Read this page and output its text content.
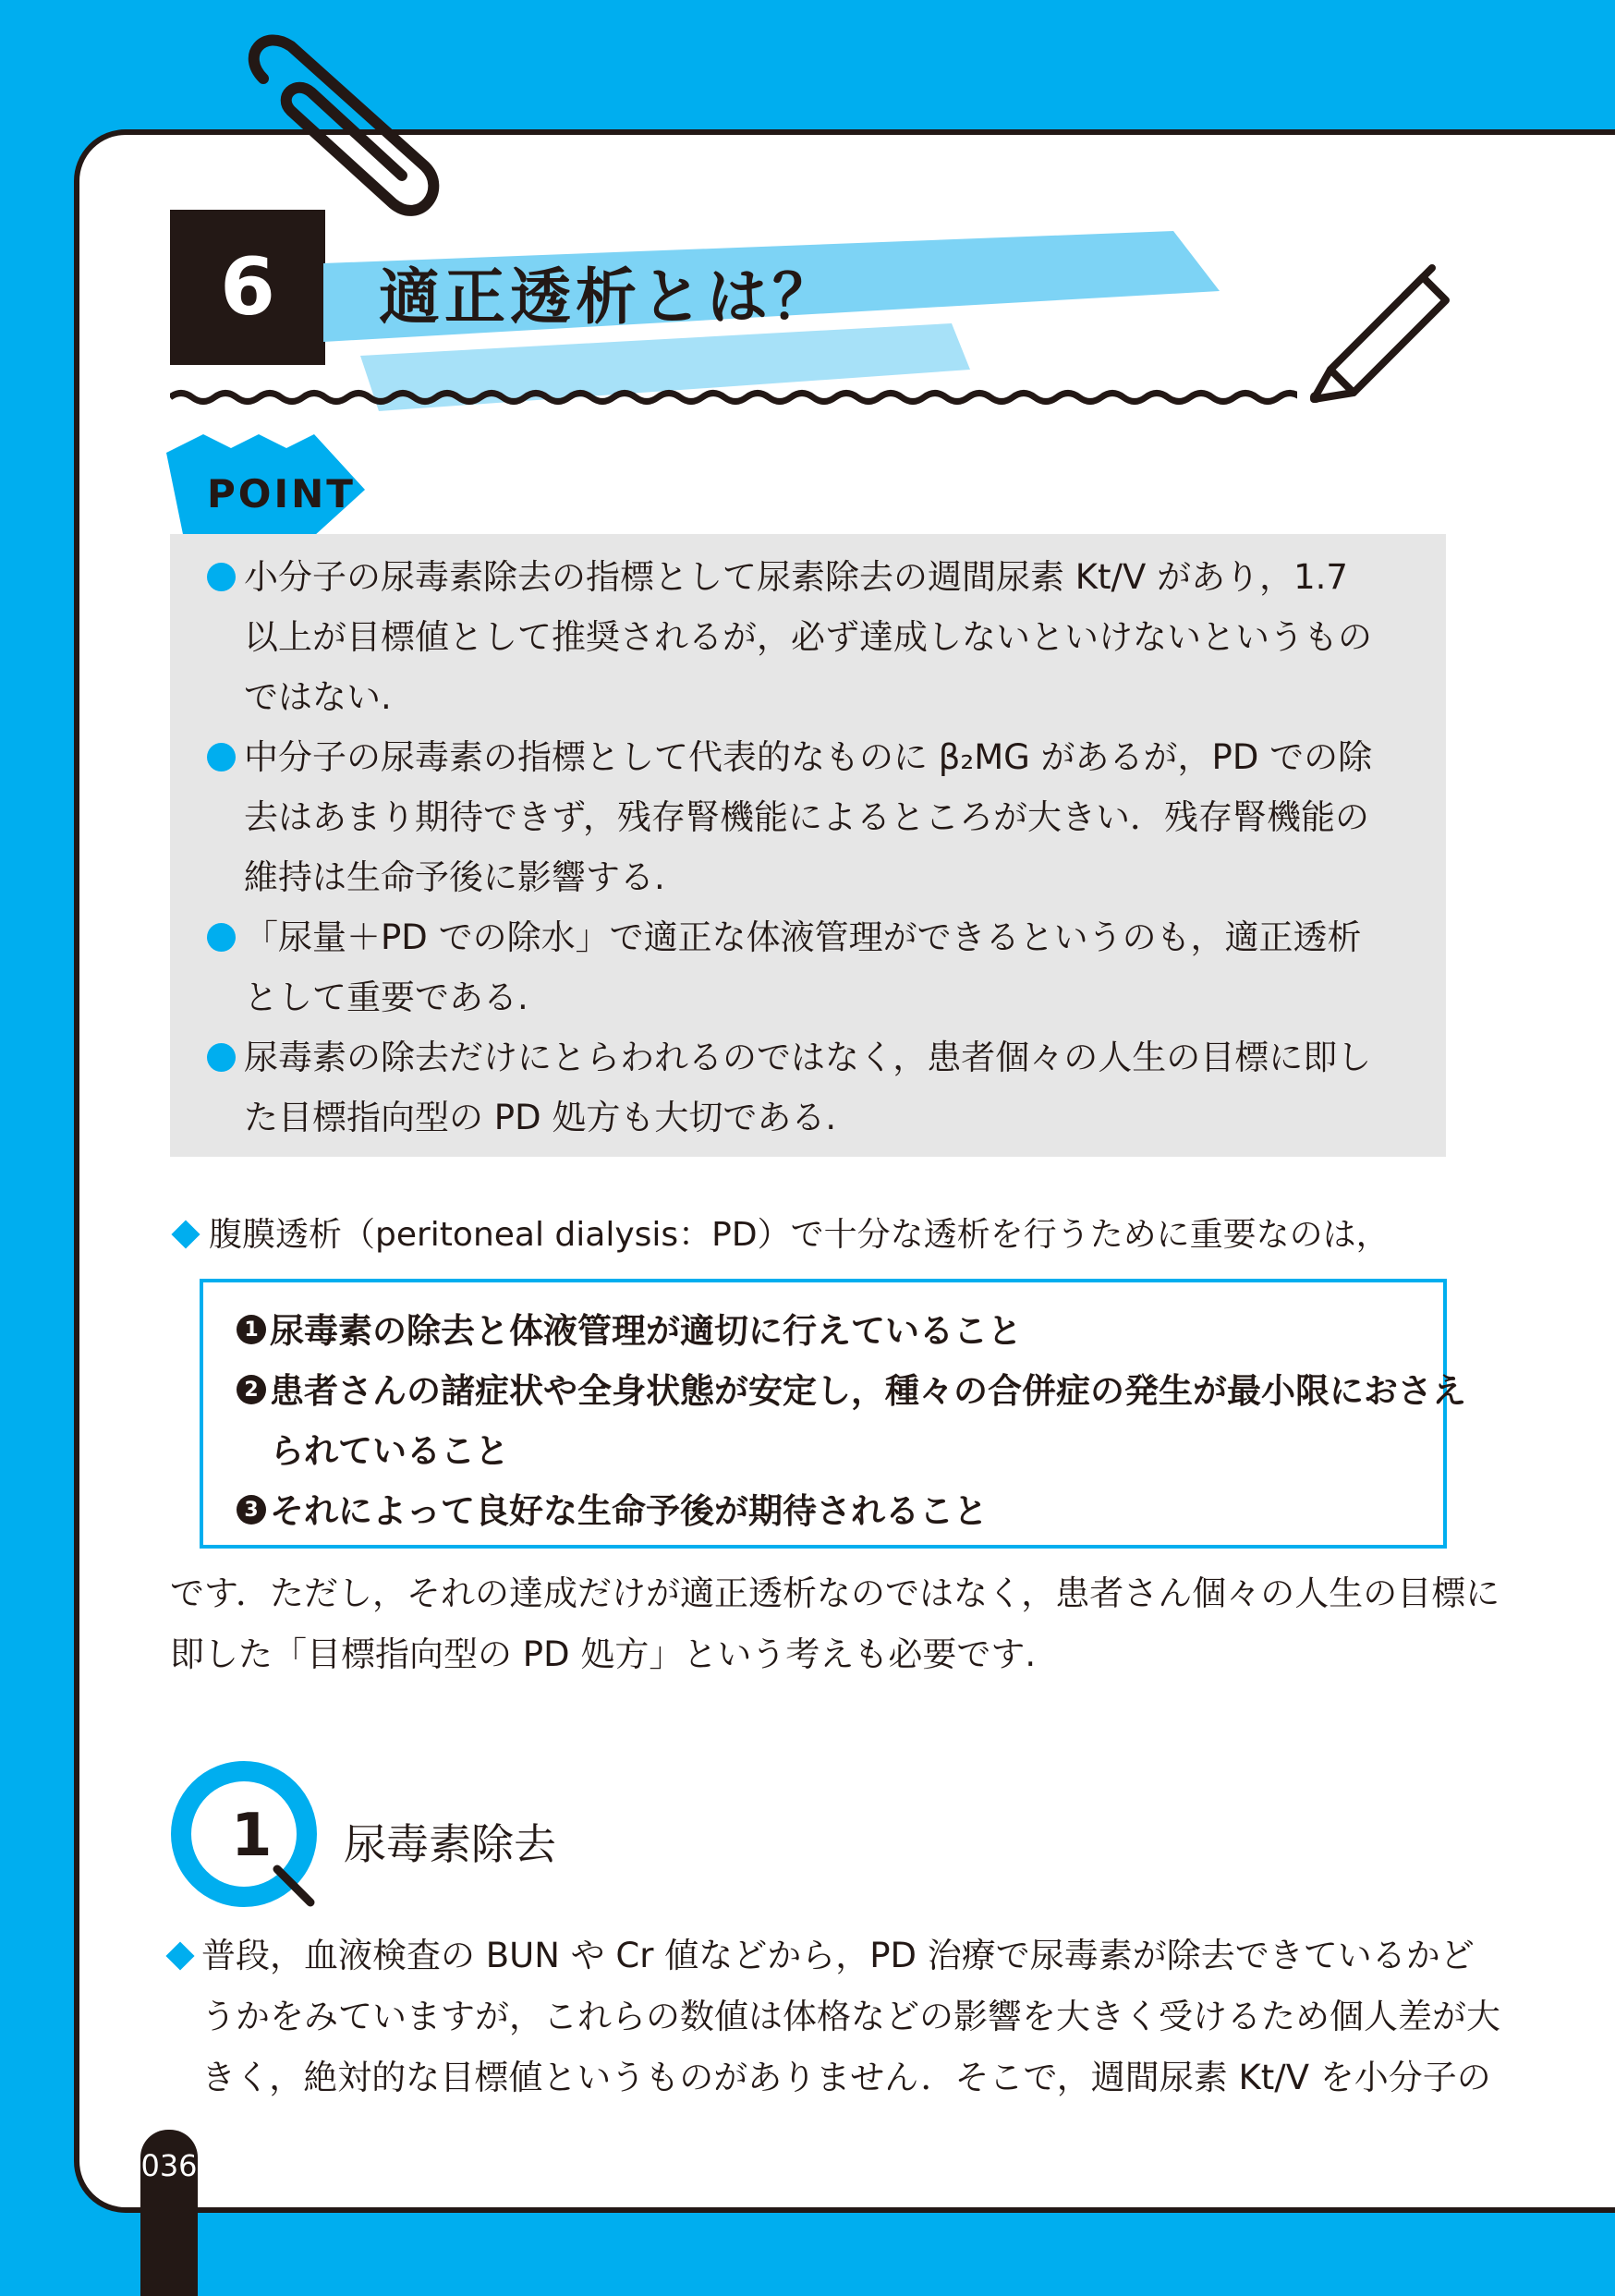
6	適正透析とは？
POINT
小分子の尿毒素除去の指標として尿素除去の週間尿素 Kt/V があり，1.7
以上が目標値として推奨されるが，必ず達成しないといけないというもの
ではない.
中分子の尿毒素の指標として代表的なものに β₂MG があるが，PD での除
去はあまり期待できず，残存腎機能によるところが大きい．残存腎機能の
維持は生命予後に影響する.
「尿量＋PD での除水」で適正な体液管理ができるというのも，適正透析
として重要である.
尿毒素の除去だけにとらわれるのではなく，患者個々の人生の目標に即し
た目標指向型の PD 処方も大切である.
腹膜透析（peritoneal dialysis：PD）で十分な透析を行うために重要なのは，
1 尿毒素の除去と体液管理が適切に行えていること
2 患者さんの諸症状や全身状態が安定し，種々の合併症の発生が最小限におさえ
られていること
3 それによって良好な生命予後が期待されること
です．ただし，それの達成だけが適正透析なのではなく，患者さん個々の人生の目標に
即した「目標指向型の PD 処方」という考えも必要です.
1 尿毒素除去
普段，血液検査の BUN や Cr 値などから，PD 治療で尿毒素が除去できているかど
うかをみていますが，これらの数値は体格などの影響を大きく受けるため個人差が大
きく，絶対的な目標値というものがありません．そこで，週間尿素 Kt/V を小分子の
036
